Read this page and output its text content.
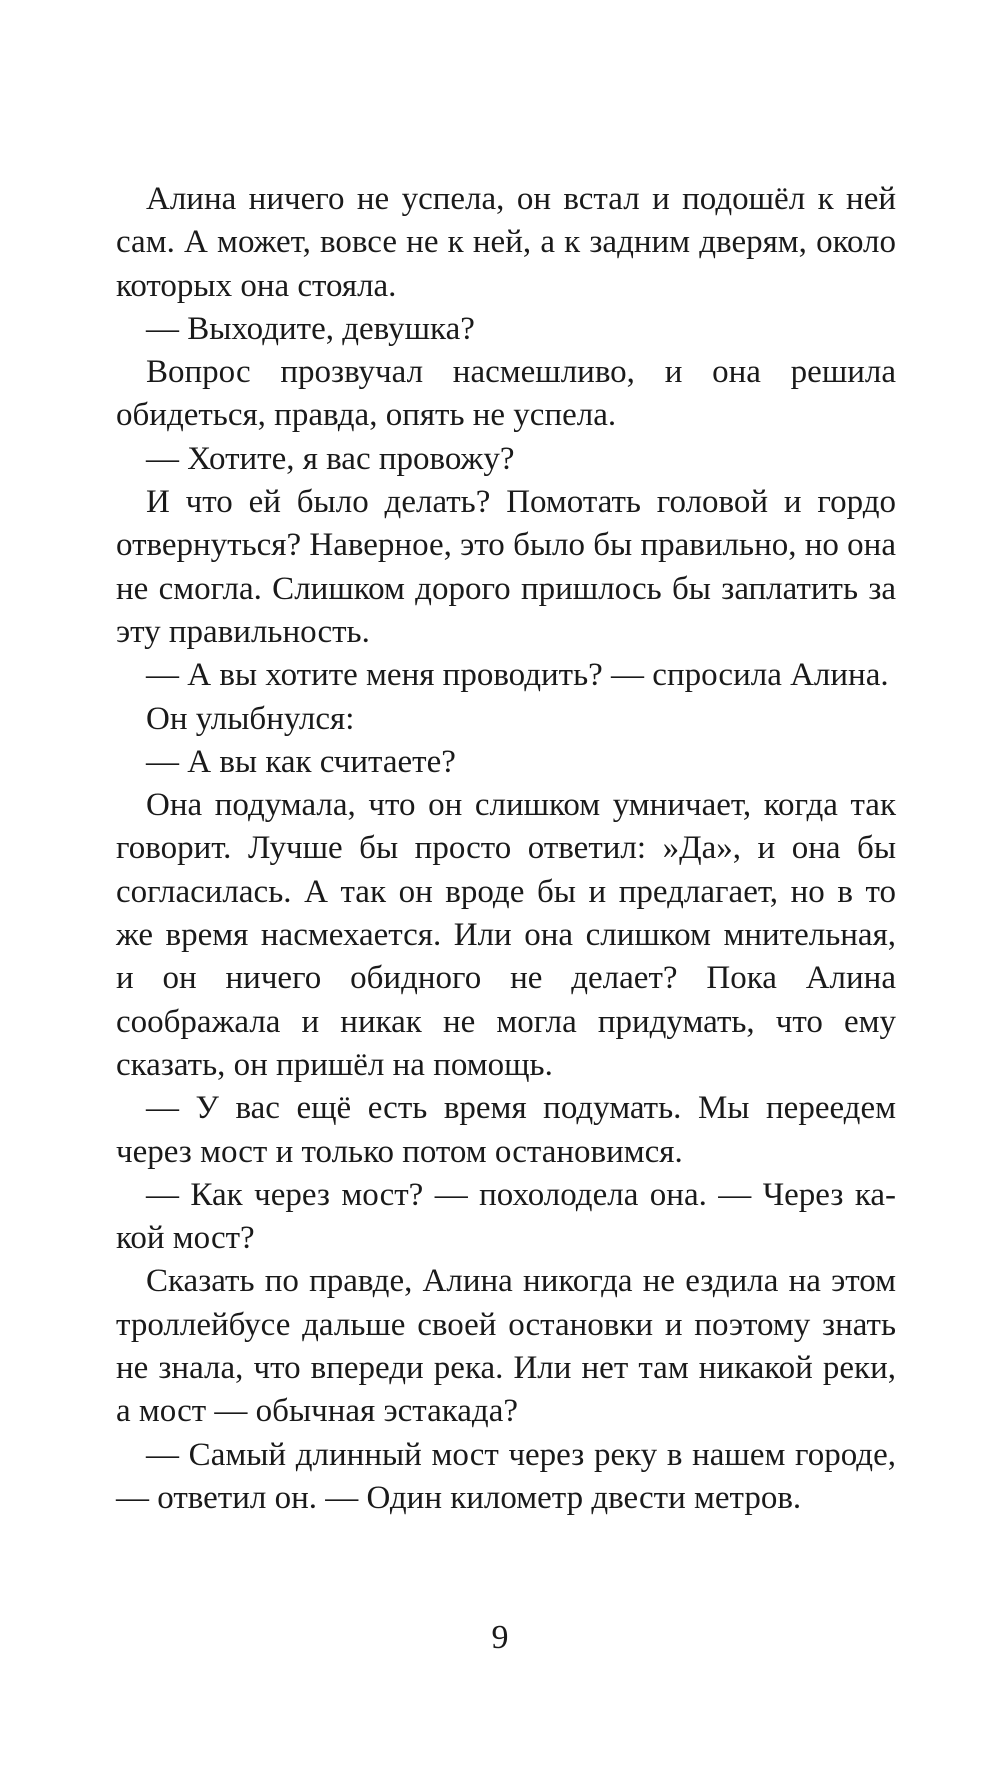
Алина ничего не успела, он встал и подошёл к ней сам. А может, вовсе не к ней, а к задним дверям, около которых она стояла.

— Выходите, девушка?

Вопрос прозвучал насмешливо, и она решила обидеться, правда, опять не успела.

— Хотите, я вас провожу?

И что ей было делать? Помотать головой и гордо отвернуться? Наверное, это было бы правильно, но она не смогла. Слишком дорого пришлось бы заплатить за эту правильность.

— А вы хотите меня проводить? — спросила Алина.

Он улыбнулся:

— А вы как считаете?

Она подумала, что он слишком умничает, когда так говорит. Лучше бы просто ответил: »Да», и она бы согласилась. А так он вроде бы и предлагает, но в то же время насмехается. Или она слишком мнительная, и он ничего обидного не делает? Пока Алина соображала и никак не могла придумать, что ему сказать, он пришёл на помощь.

— У вас ещё есть время подумать. Мы переедем через мост и только потом остановимся.

— Как через мост? — похолодела она. — Через какой мост?

Сказать по правде, Алина никогда не ездила на этом троллейбусе дальше своей остановки и поэтому знать не знала, что впереди река. Или нет там никакой реки, а мост — обычная эстакада?

— Самый длинный мост через реку в нашем городе, — ответил он. — Один километр двести метров.

9
